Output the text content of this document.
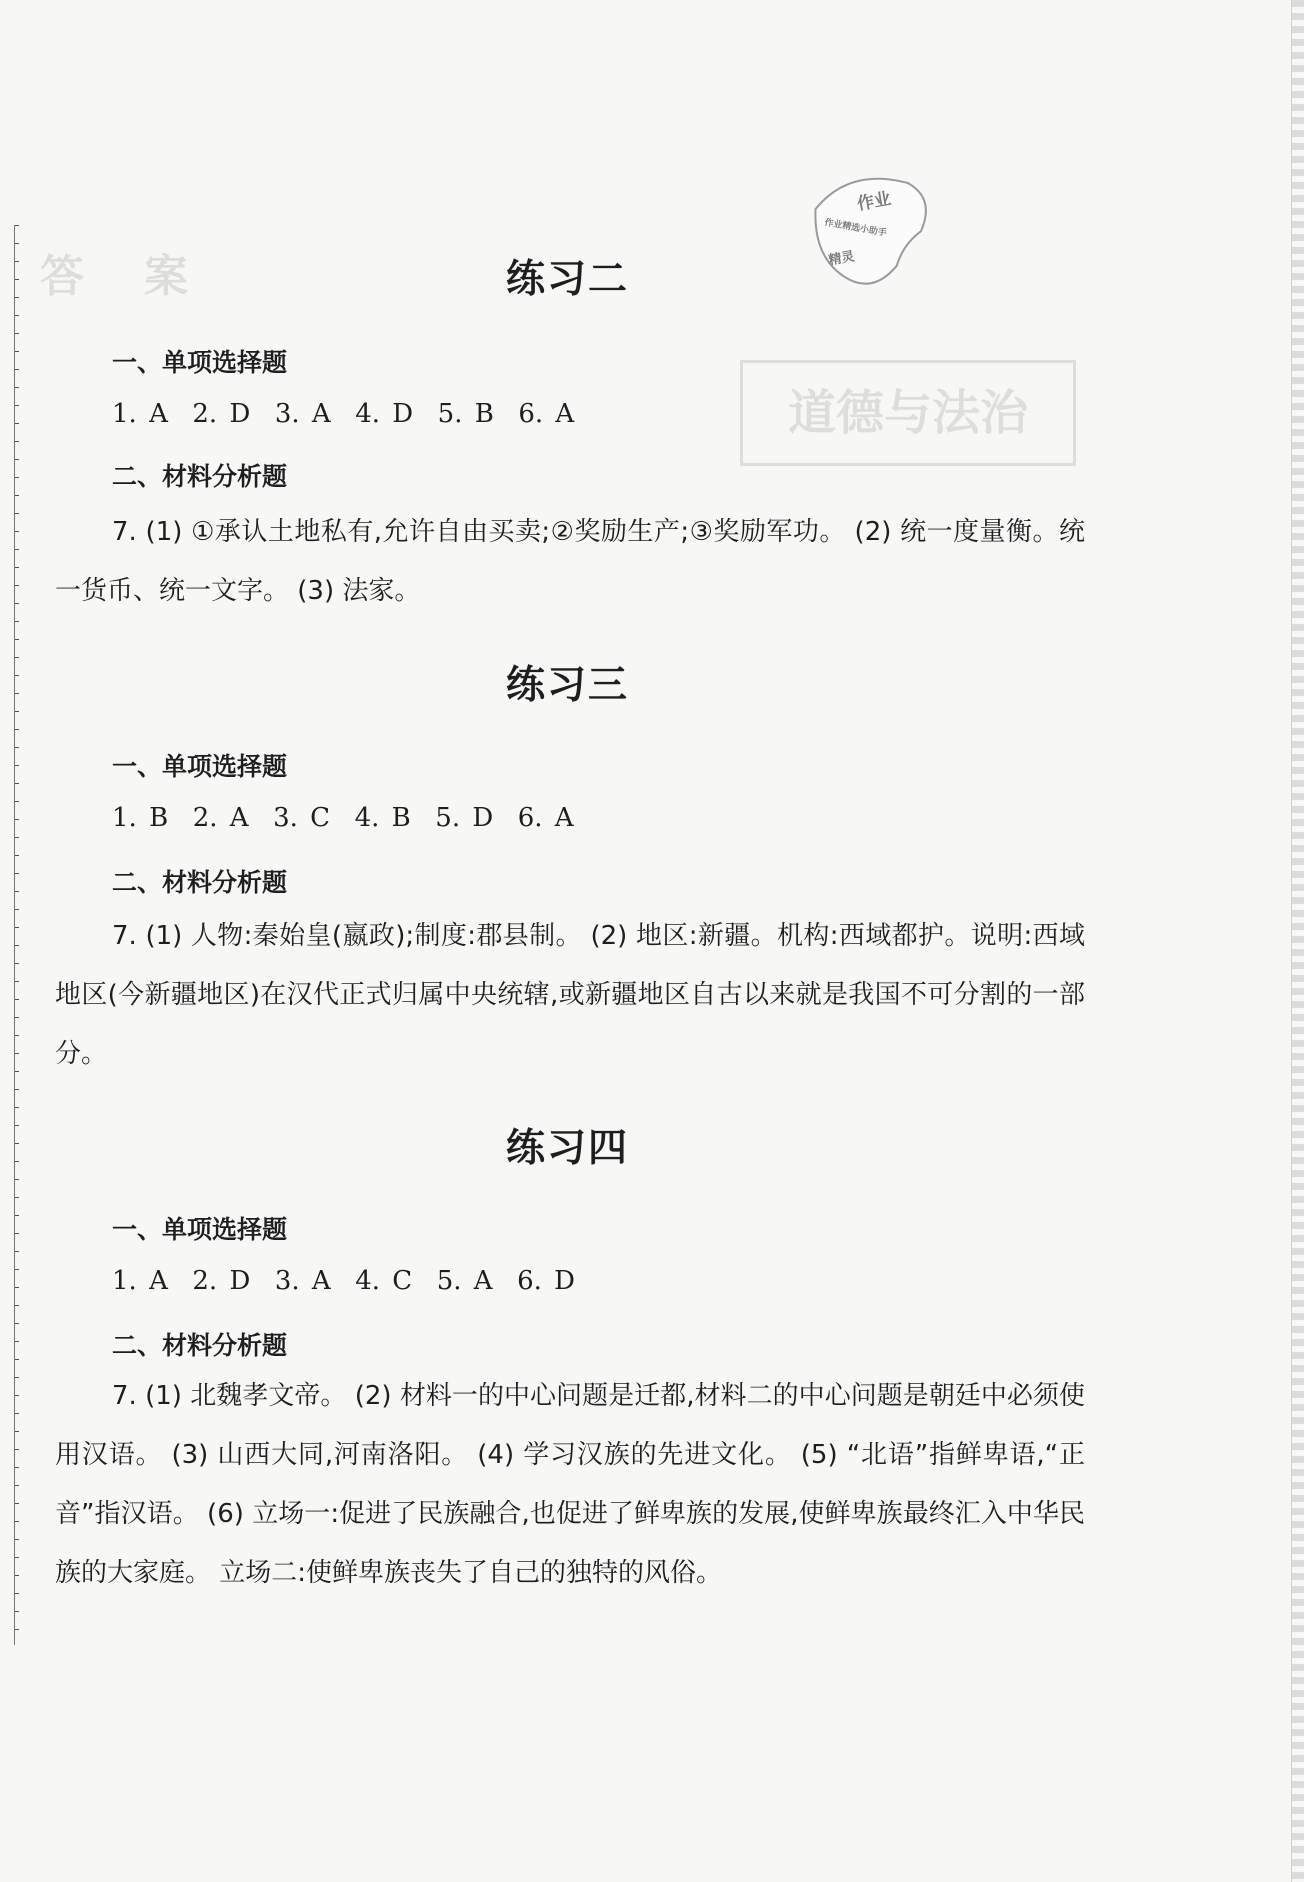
答案
道德与法治
作业
作业精选小助手
精灵
练习二
一、单项选择题
1. A  2. D  3. A  4. D  5. B  6. A
二、材料分析题

7. (1) ①承认土地私有,允许自由买卖;②奖励生产;③奖励军功。 (2) 统一度量衡。统一货币、统一文字。 (3) 法家。

练习三
一、单项选择题
1. B  2. A  3. C  4. B  5. D  6. A
二、材料分析题

7. (1) 人物:秦始皇(嬴政);制度:郡县制。 (2) 地区:新疆。机构:西域都护。说明:西域地区(今新疆地区)在汉代正式归属中央统辖,或新疆地区自古以来就是我国不可分割的一部分。

练习四
一、单项选择题
1. A  2. D  3. A  4. C  5. A  6. D
二、材料分析题

7. (1) 北魏孝文帝。 (2) 材料一的中心问题是迁都,材料二的中心问题是朝廷中必须使用汉语。 (3) 山西大同,河南洛阳。 (4) 学习汉族的先进文化。 (5) “北语”指鲜卑语,“正音”指汉语。 (6) 立场一:促进了民族融合,也促进了鲜卑族的发展,使鲜卑族最终汇入中华民族的大家庭。 立场二:使鲜卑族丧失了自己的独特的风俗。
